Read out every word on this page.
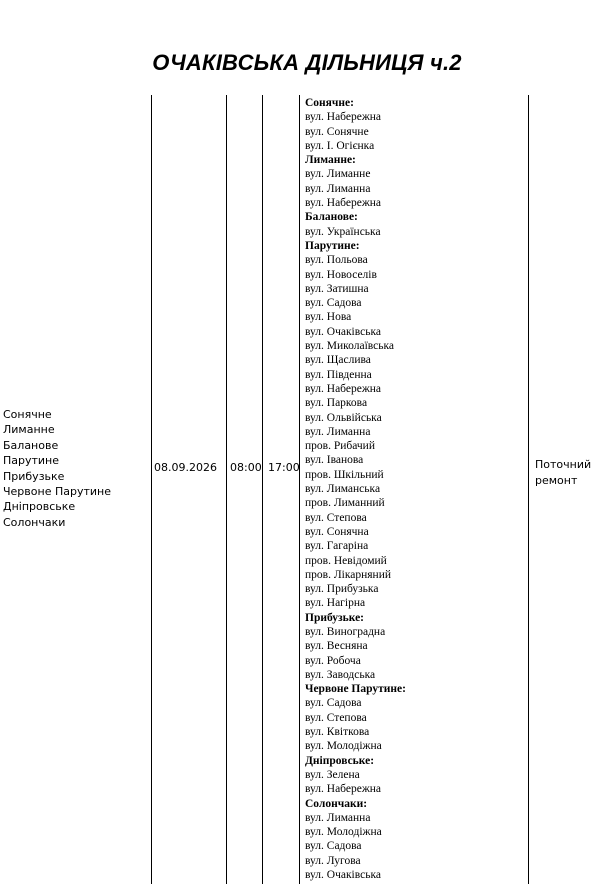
ОЧАКІВСЬКА ДІЛЬНИЦЯ ч.2
Сонячне
Лиманне
Баланове
Парутине
Прибузьке
Червоне Парутине
Дніпровське
Солончаки
08.09.2026 08:00 17:00
Сонячне:
вул. Набережна
вул. Сонячне
вул. І. Огієнка
Лиманне:
вул. Лиманне
вул. Лиманна
вул. Набережна
Баланове:
вул. Українська
Парутине:
вул. Польова
вул. Новоселів
вул. Затишна
вул. Садова
вул. Нова
вул. Очаківська
вул. Миколаївська
вул. Щаслива
вул. Південна
вул. Набережна
вул. Паркова
вул. Ольвійська
вул. Лиманна
пров. Рибачий
вул. Іванова
пров. Шкільний
вул. Лиманська
пров. Лиманний
вул. Степова
вул. Сонячна
вул. Гагаріна
пров. Невідомий
пров. Лікарняний
вул. Прибузька
вул. Нагірна
Прибузьке:
вул. Виноградна
вул. Весняна
вул. Робоча
вул. Заводська
Червоне Парутине:
вул. Садова
вул. Степова
вул. Квіткова
вул. Молодіжна
Дніпровське:
вул. Зелена
вул. Набережна
Солончаки:
вул. Лиманна
вул. Молодіжна
вул. Садова
вул. Лугова
вул. Очаківська
Поточний
ремонт
